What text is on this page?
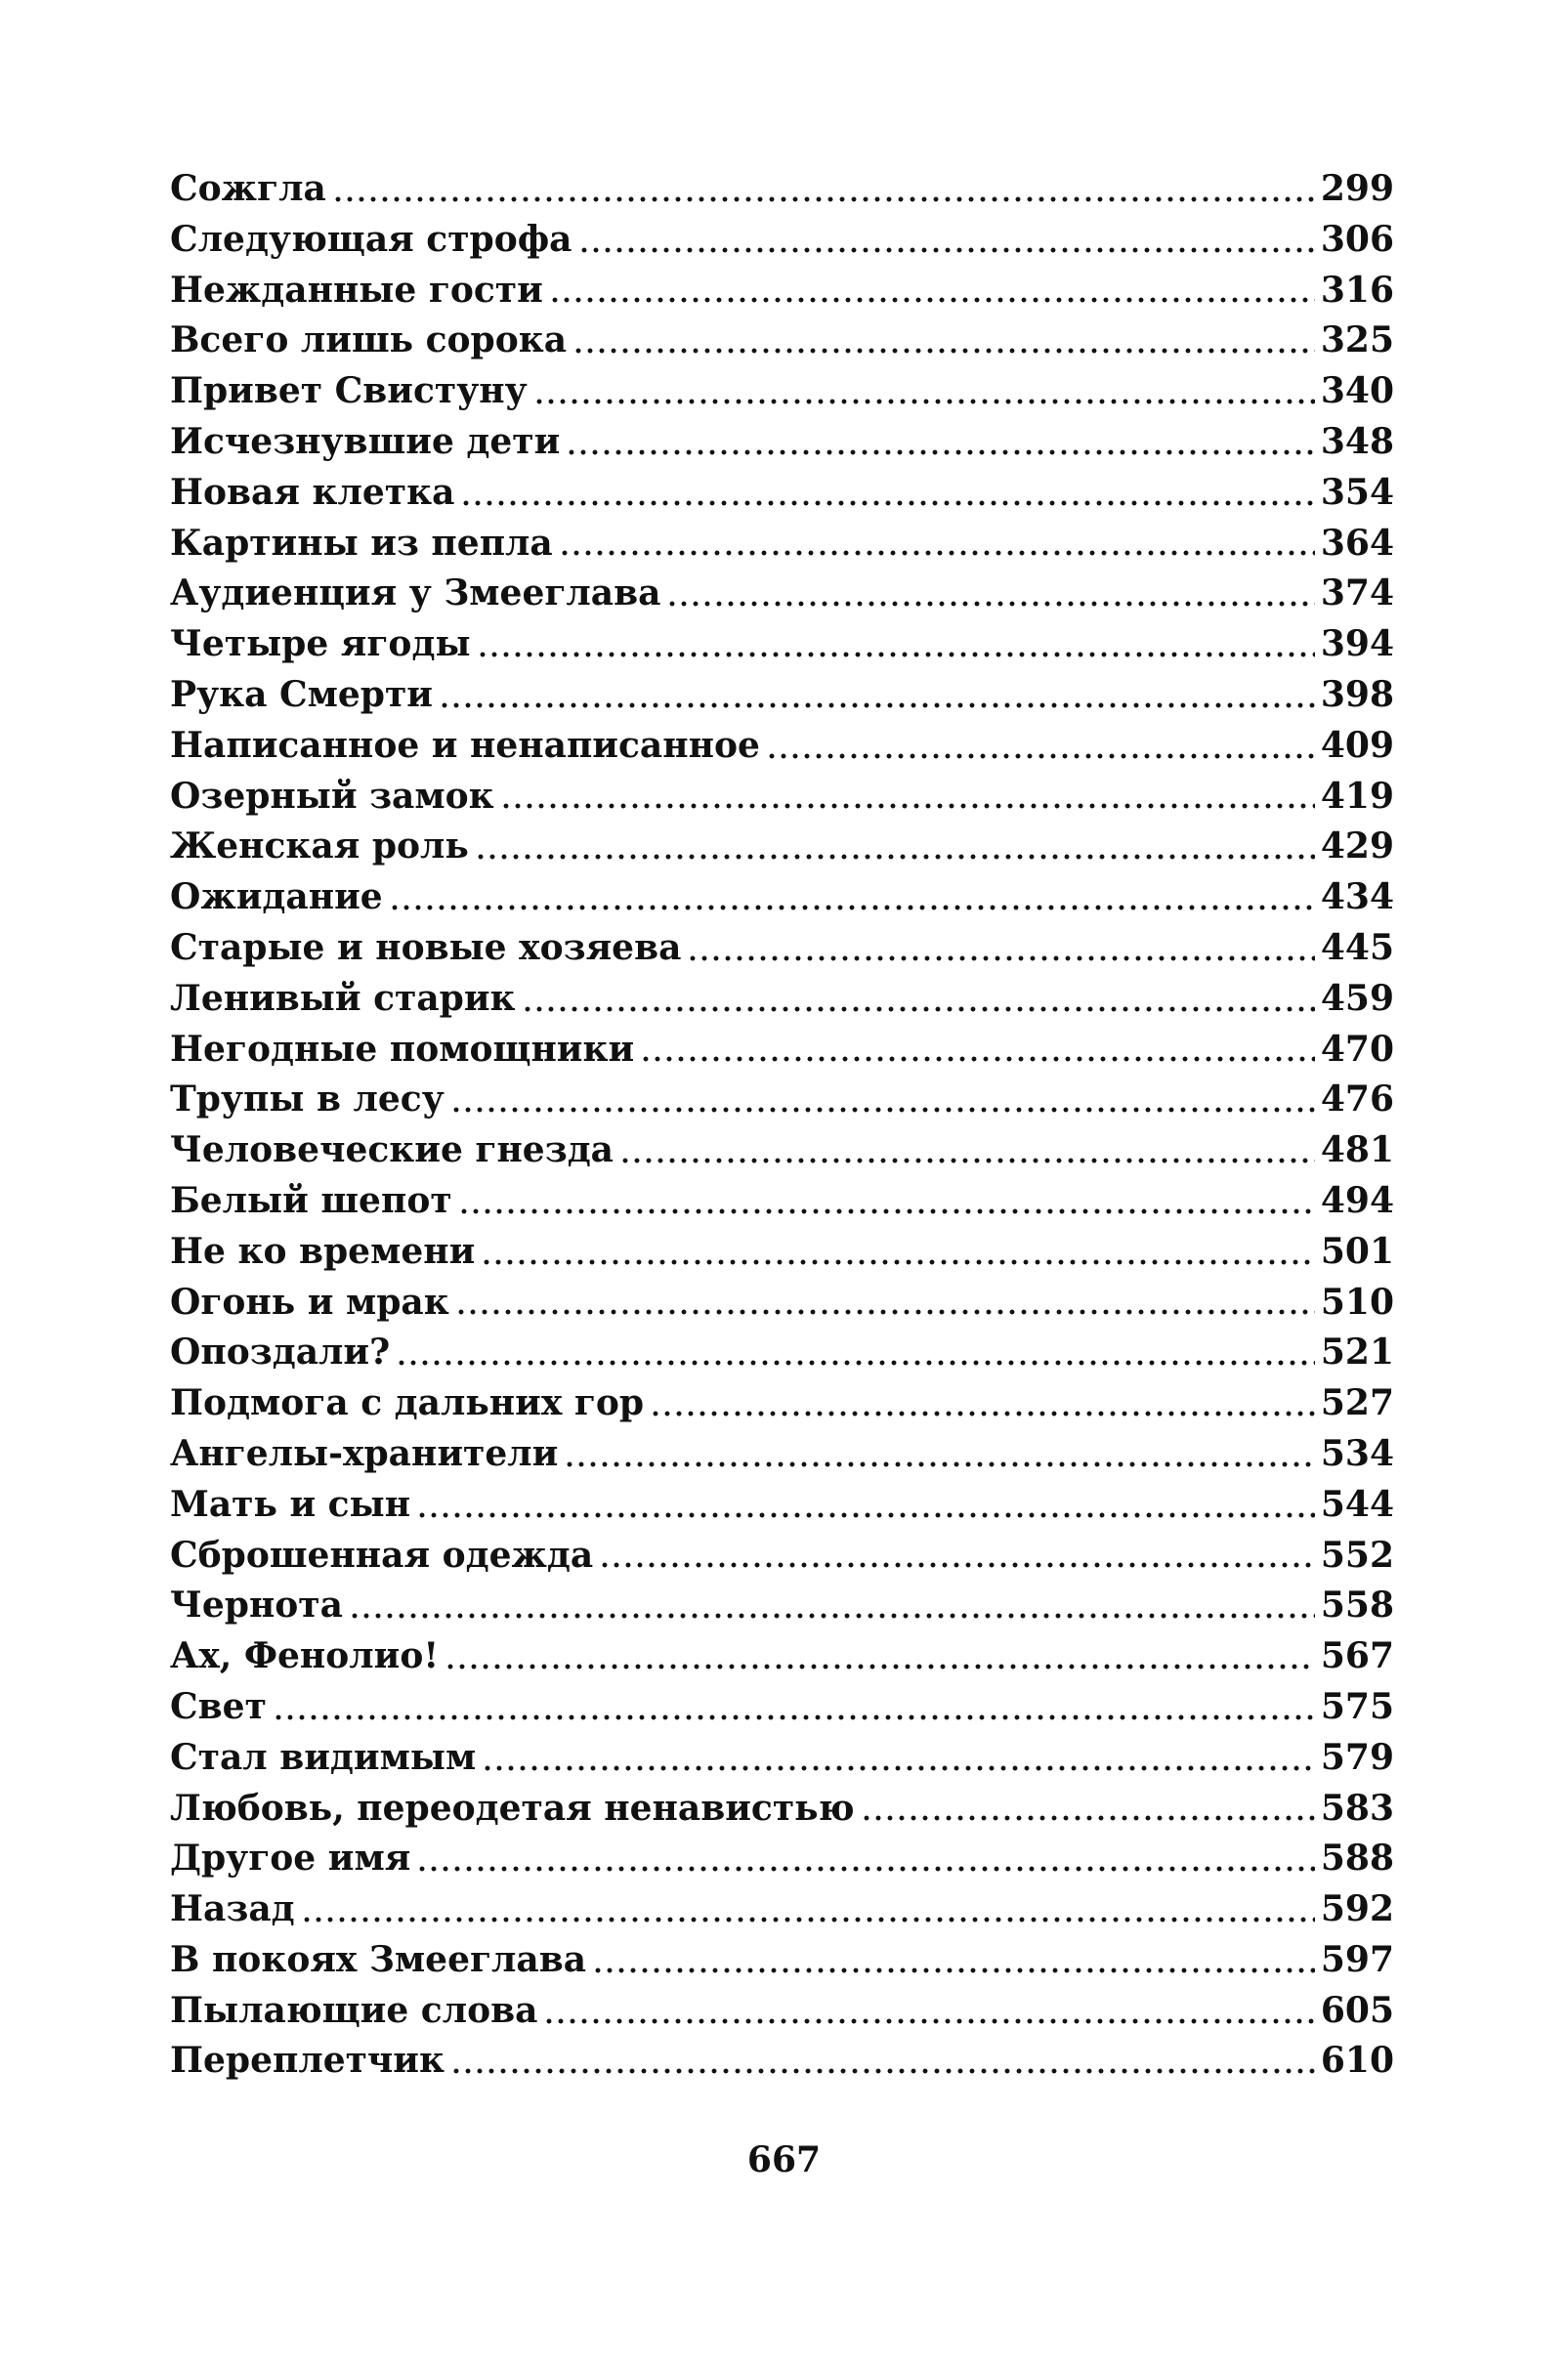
Сожгла	299
Следующая строфа	306
Нежданные гости	316
Всего лишь сорока	325
Привет Свистуну	340
Исчезнувшие дети	348
Новая клетка	354
Картины из пепла	364
Аудиенция у Змееглава	374
Четыре ягоды	394
Рука Смерти	398
Написанное и ненаписанное	409
Озерный замок	419
Женская роль	429
Ожидание	434
Старые и новые хозяева	445
Ленивый старик	459
Негодные помощники	470
Трупы в лесу	476
Человеческие гнезда	481
Белый шепот	494
Не ко времени	501
Огонь и мрак	510
Опоздали?	521
Подмога с дальних гор	527
Ангелы-хранители	534
Мать и сын	544
Сброшенная одежда	552
Чернота	558
Ах, Фенолио!	567
Свет	575
Стал видимым	579
Любовь, переодетая ненавистью	583
Другое имя	588
Назад	592
В покоях Змееглава	597
Пылающие слова	605
Переплетчик	610
667
